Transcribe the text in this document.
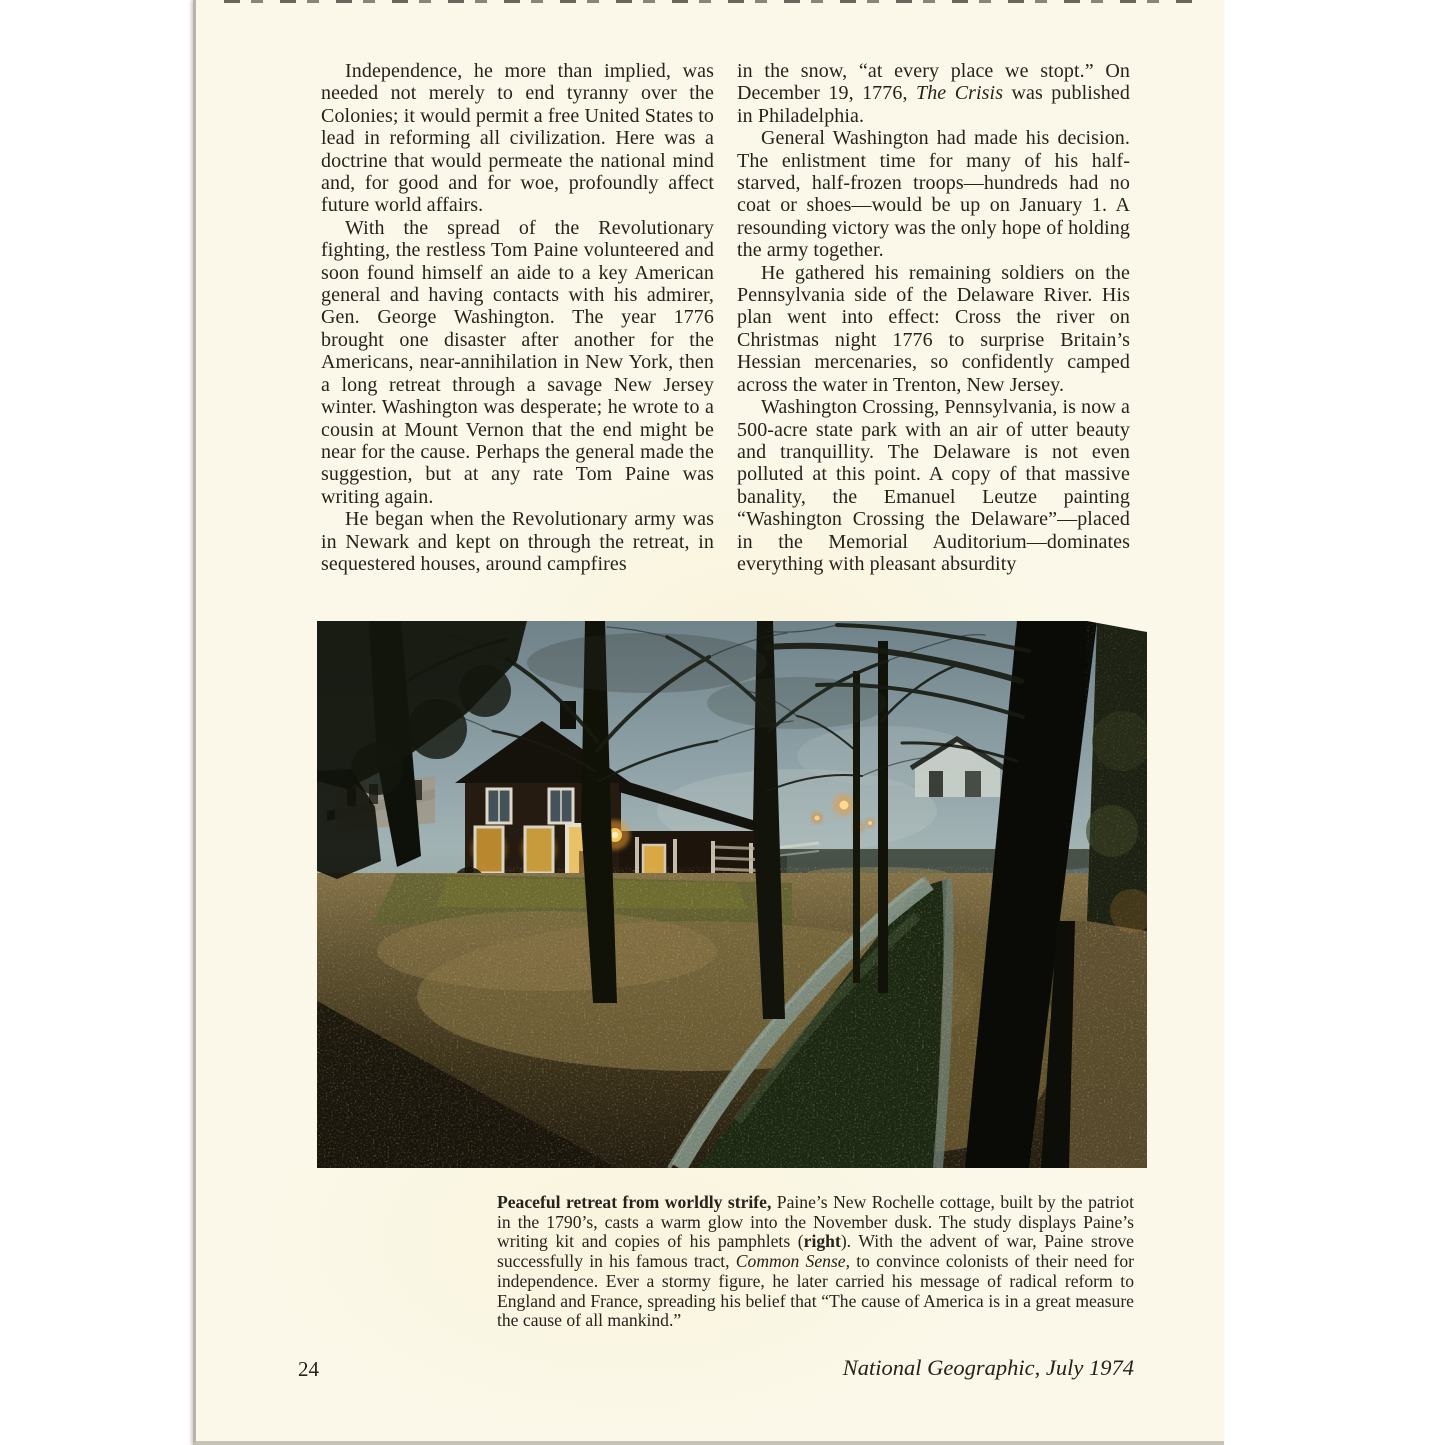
Independence, he more than implied, was needed not merely to end tyranny over the Colonies; it would permit a free United States to lead in reforming all civilization. Here was a doctrine that would permeate the national mind and, for good and for woe, profoundly affect future world affairs.

With the spread of the Revolutionary fighting, the restless Tom Paine volunteered and soon found himself an aide to a key American general and having contacts with his admirer, Gen. George Washington. The year 1776 brought one disaster after another for the Americans, near-annihilation in New York, then a long retreat through a savage New Jersey winter. Washington was desperate; he wrote to a cousin at Mount Vernon that the end might be near for the cause. Perhaps the general made the suggestion, but at any rate Tom Paine was writing again.

He began when the Revolutionary army was in Newark and kept on through the retreat, in sequestered houses, around campfires

in the snow, “at every place we stopt.” On December 19, 1776, The Crisis was published in Philadelphia.

General Washington had made his decision. The enlistment time for many of his half-starved, half-frozen troops—hundreds had no coat or shoes—would be up on January 1. A resounding victory was the only hope of holding the army together.

He gathered his remaining soldiers on the Pennsylvania side of the Delaware River. His plan went into effect: Cross the river on Christmas night 1776 to surprise Britain’s Hessian mercenaries, so confidently camped across the water in Trenton, New Jersey.

Washington Crossing, Pennsylvania, is now a 500-acre state park with an air of utter beauty and tranquillity. The Delaware is not even polluted at this point. A copy of that massive banality, the Emanuel Leutze painting “Washington Crossing the Delaware”—placed in the Memorial Auditorium—dominates everything with pleasant absurdity

Peaceful retreat from worldly strife, Paine’s New Rochelle cottage, built by the patriot in the 1790’s, casts a warm glow into the November dusk. The study displays Paine’s writing kit and copies of his pamphlets (right). With the advent of war, Paine strove successfully in his famous tract, Common Sense, to convince colonists of their need for independence. Ever a stormy figure, he later carried his message of radical reform to England and France, spreading his belief that “The cause of America is in a great measure the cause of all mankind.”
24	National Geographic, July 1974
